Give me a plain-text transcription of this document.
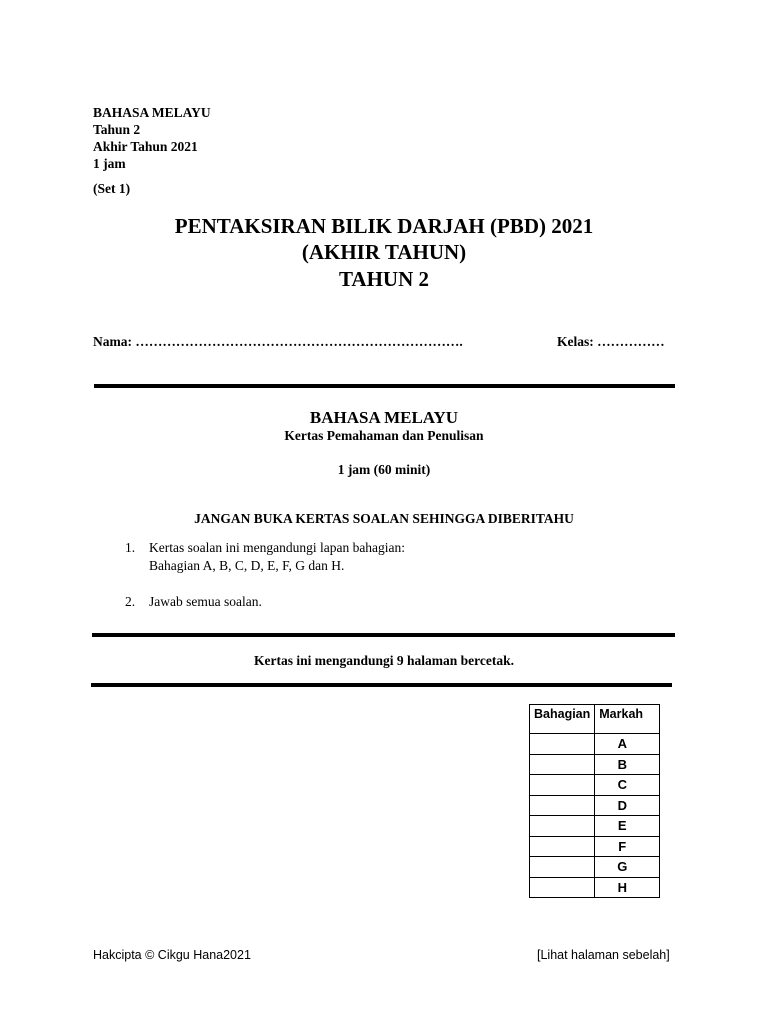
BAHASA MELAYU
Tahun 2
Akhir Tahun 2021
1 jam
(Set 1)
PENTAKSIRAN BILIK DARJAH (PBD) 2021
(AKHIR TAHUN)
TAHUN 2
Nama: ……………………………………………………………….	Kelas: ……………
BAHASA MELAYU
Kertas Pemahaman dan Penulisan
1 jam (60 minit)
JANGAN BUKA KERTAS SOALAN SEHINGGA DIBERITAHU
1. Kertas soalan ini mengandungi lapan bahagian:
Bahagian A, B, C, D, E, F, G dan H.
2. Jawab semua soalan.
Kertas ini mengandungi 9 halaman bercetak.
Bahagian	Markah
	A
	B
	C
	D
	E
	F
	G
	H
Hakcipta © Cikgu Hana2021	[Lihat halaman sebelah]
